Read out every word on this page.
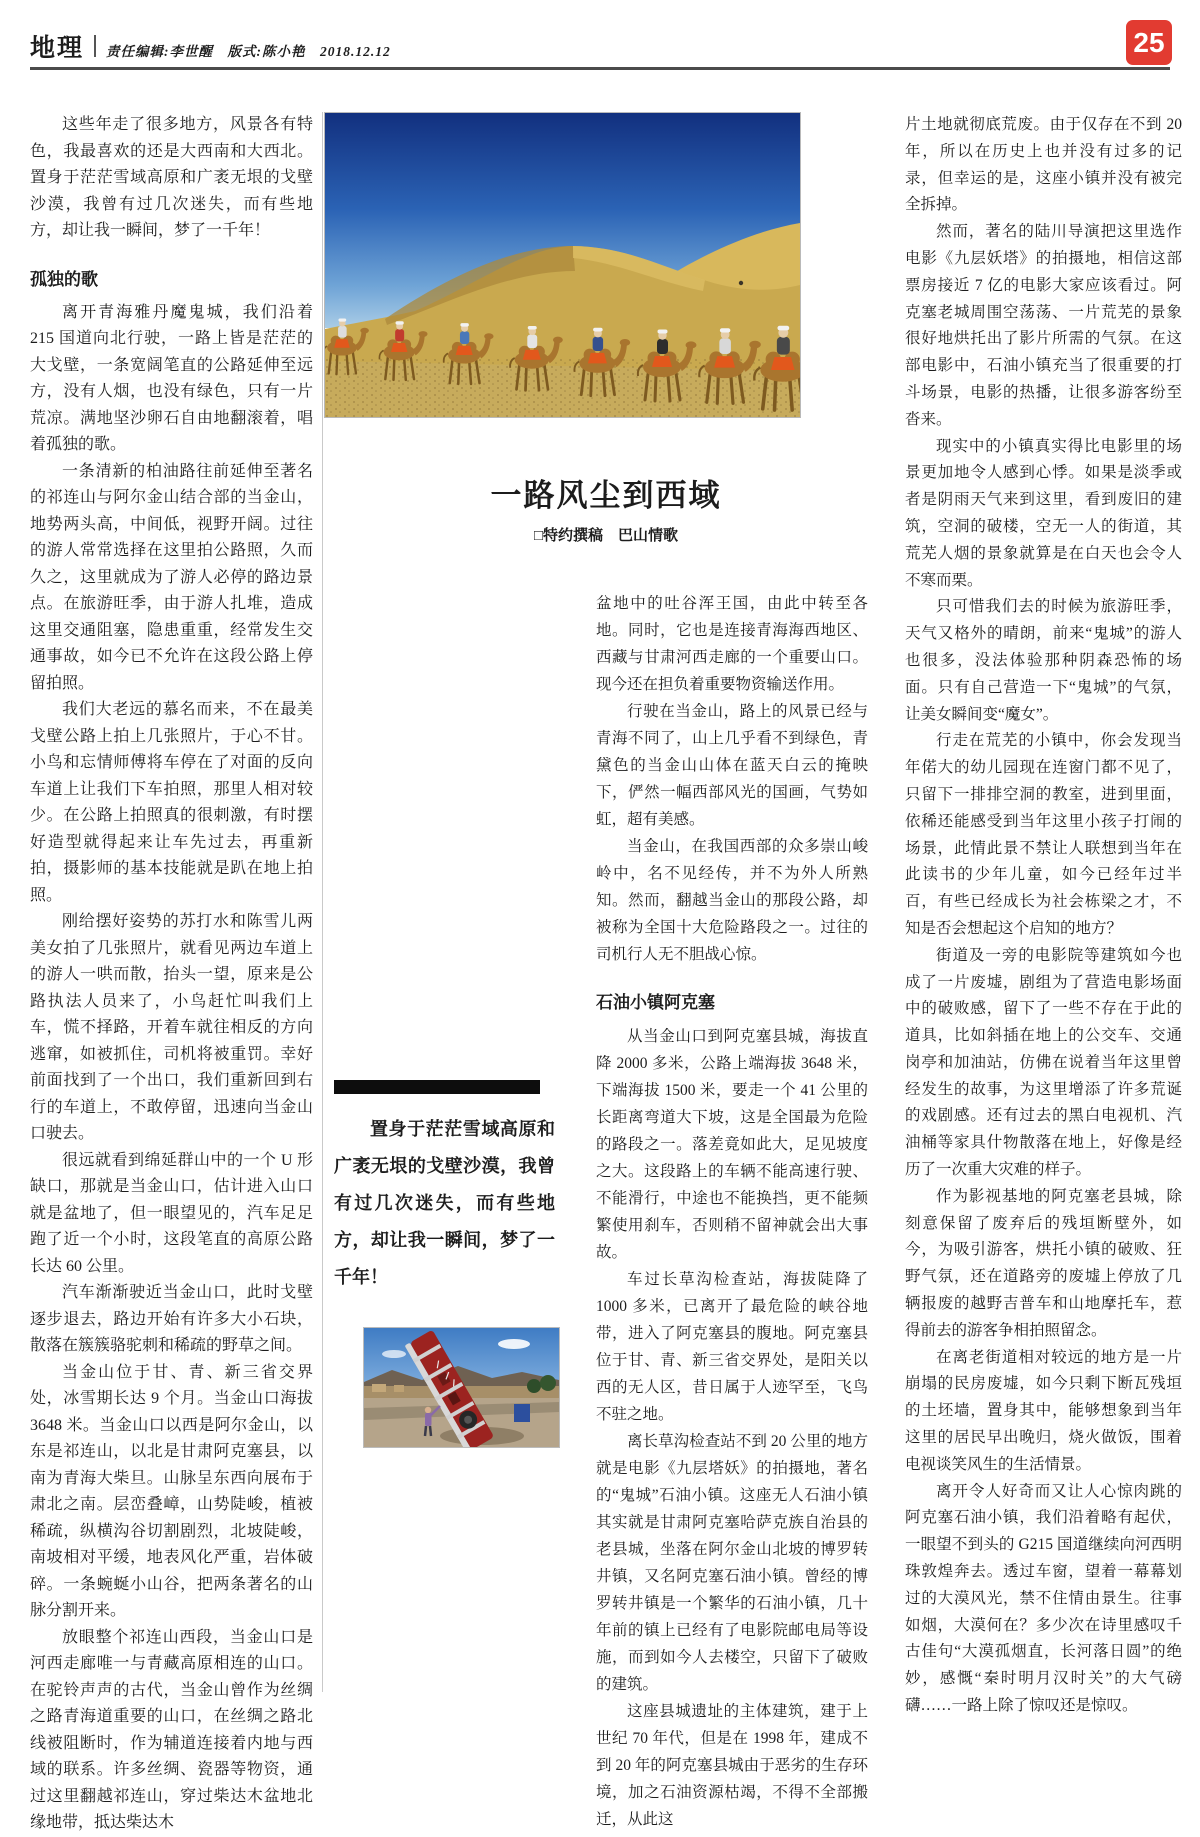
地理 责任编辑:李世醒　版式:陈小艳　2018.12.12	25
一路风尘到西域
□特约撰稿　巴山情歌

这些年走了很多地方，风景各有特色，我最喜欢的还是大西南和大西北。置身于茫茫雪域高原和广袤无垠的戈壁沙漠，我曾有过几次迷失，而有些地方，却让我一瞬间，梦了一千年！

孤独的歌

离开青海雅丹魔鬼城，我们沿着 215 国道向北行驶，一路上皆是茫茫的大戈壁，一条宽阔笔直的公路延伸至远方，没有人烟，也没有绿色，只有一片荒凉。满地坚沙卵石自由地翻滚着，唱着孤独的歌。

一条清新的柏油路往前延伸至著名的祁连山与阿尔金山结合部的当金山，地势两头高，中间低，视野开阔。过往的游人常常选择在这里拍公路照，久而久之，这里就成为了游人必停的路边景点。在旅游旺季，由于游人扎堆，造成这里交通阻塞，隐患重重，经常发生交通事故，如今已不允许在这段公路上停留拍照。

我们大老远的慕名而来，不在最美戈壁公路上拍上几张照片，于心不甘。小鸟和忘情师傅将车停在了对面的反向车道上让我们下车拍照，那里人相对较少。在公路上拍照真的很刺激，有时摆好造型就得起来让车先过去，再重新拍，摄影师的基本技能就是趴在地上拍照。

刚给摆好姿势的苏打水和陈雪儿两美女拍了几张照片，就看见两边车道上的游人一哄而散，抬头一望，原来是公路执法人员来了，小鸟赶忙叫我们上车，慌不择路，开着车就往相反的方向逃窜，如被抓住，司机将被重罚。幸好前面找到了一个出口，我们重新回到右行的车道上，不敢停留，迅速向当金山口驶去。

很远就看到绵延群山中的一个 U 形缺口，那就是当金山口，估计进入山口就是盆地了，但一眼望见的，汽车足足跑了近一个小时，这段笔直的高原公路长达 60 公里。

汽车渐渐驶近当金山口，此时戈壁逐步退去，路边开始有许多大小石块，散落在簇簇骆驼刺和稀疏的野草之间。

当金山位于甘、青、新三省交界处，冰雪期长达 9 个月。当金山口海拔 3648 米。当金山口以西是阿尔金山，以东是祁连山，以北是甘肃阿克塞县，以南为青海大柴旦。山脉呈东西向展布于肃北之南。层峦叠嶂，山势陡峻，植被稀疏，纵横沟谷切割剧烈，北坡陡峻，南坡相对平缓，地表风化严重，岩体破碎。一条蜿蜒小山谷，把两条著名的山脉分割开来。

放眼整个祁连山西段，当金山口是河西走廊唯一与青藏高原相连的山口。在驼铃声声的古代，当金山曾作为丝绸之路青海道重要的山口，在丝绸之路北线被阻断时，作为辅道连接着内地与西域的联系。许多丝绸、瓷器等物资，通过这里翻越祁连山，穿过柴达木盆地北缘地带，抵达柴达木

盆地中的吐谷浑王国，由此中转至各地。同时，它也是连接青海海西地区、西藏与甘肃河西走廊的一个重要山口。现今还在担负着重要物资输送作用。

行驶在当金山，路上的风景已经与青海不同了，山上几乎看不到绿色，青黛色的当金山山体在蓝天白云的掩映下，俨然一幅西部风光的国画，气势如虹，超有美感。

当金山，在我国西部的众多崇山峻岭中，名不见经传，并不为外人所熟知。然而，翻越当金山的那段公路，却被称为全国十大危险路段之一。过往的司机行人无不胆战心惊。

石油小镇阿克塞

从当金山口到阿克塞县城，海拔直降 2000 多米，公路上端海拔 3648 米，下端海拔 1500 米，要走一个 41 公里的长距离弯道大下坡，这是全国最为危险的路段之一。落差竟如此大，足见坡度之大。这段路上的车辆不能高速行驶、不能滑行，中途也不能换挡，更不能频繁使用刹车，否则稍不留神就会出大事故。

车过长草沟检查站，海拔陡降了 1000 多米，已离开了最危险的峡谷地带，进入了阿克塞县的腹地。阿克塞县位于甘、青、新三省交界处，是阳关以西的无人区，昔日属于人迹罕至，飞鸟不驻之地。

离长草沟检查站不到 20 公里的地方就是电影《九层塔妖》的拍摄地，著名的“鬼城”石油小镇。这座无人石油小镇其实就是甘肃阿克塞哈萨克族自治县的老县城，坐落在阿尔金山北坡的博罗转井镇，又名阿克塞石油小镇。曾经的博罗转井镇是一个繁华的石油小镇，几十年前的镇上已经有了电影院邮电局等设施，而到如今人去楼空，只留下了破败的建筑。

这座县城遗址的主体建筑，建于上世纪 70 年代，但是在 1998 年，建成不到 20 年的阿克塞县城由于恶劣的生存环境，加之石油资源枯竭，不得不全部搬迁，从此这

置身于茫茫雪域高原和广袤无垠的戈壁沙漠，我曾有过几次迷失，而有些地方，却让我一瞬间，梦了一千年！

片土地就彻底荒废。由于仅存在不到 20 年，所以在历史上也并没有过多的记录，但幸运的是，这座小镇并没有被完全拆掉。

然而，著名的陆川导演把这里选作电影《九层妖塔》的拍摄地，相信这部票房接近 7 亿的电影大家应该看过。阿克塞老城周围空荡荡、一片荒芜的景象很好地烘托出了影片所需的气氛。在这部电影中，石油小镇充当了很重要的打斗场景，电影的热播，让很多游客纷至沓来。

现实中的小镇真实得比电影里的场景更加地令人感到心悸。如果是淡季或者是阴雨天气来到这里，看到废旧的建筑，空洞的破楼，空无一人的街道，其荒芜人烟的景象就算是在白天也会令人不寒而栗。

只可惜我们去的时候为旅游旺季，天气又格外的晴朗，前来“鬼城”的游人也很多，没法体验那种阴森恐怖的场面。只有自己营造一下“鬼城”的气氛，让美女瞬间变“魔女”。

行走在荒芜的小镇中，你会发现当年偌大的幼儿园现在连窗门都不见了，只留下一排排空洞的教室，进到里面，依稀还能感受到当年这里小孩子打闹的场景，此情此景不禁让人联想到当年在此读书的少年儿童，如今已经年过半百，有些已经成长为社会栋梁之才，不知是否会想起这个启知的地方？

街道及一旁的电影院等建筑如今也成了一片废墟，剧组为了营造电影场面中的破败感，留下了一些不存在于此的道具，比如斜插在地上的公交车、交通岗亭和加油站，仿佛在说着当年这里曾经发生的故事，为这里增添了许多荒诞的戏剧感。还有过去的黑白电视机、汽油桶等家具什物散落在地上，好像是经历了一次重大灾难的样子。

作为影视基地的阿克塞老县城，除刻意保留了废弃后的残垣断壁外，如今，为吸引游客，烘托小镇的破败、狂野气氛，还在道路旁的废墟上停放了几辆报废的越野吉普车和山地摩托车，惹得前去的游客争相拍照留念。

在离老街道相对较远的地方是一片崩塌的民房废墟，如今只剩下断瓦残垣的土坯墙，置身其中，能够想象到当年这里的居民早出晚归，烧火做饭，围着电视谈笑风生的生活情景。

离开令人好奇而又让人心惊肉跳的阿克塞石油小镇，我们沿着略有起伏，一眼望不到头的 G215 国道继续向河西明珠敦煌奔去。透过车窗，望着一幕幕划过的大漠风光，禁不住情由景生。往事如烟，大漠何在？多少次在诗里感叹千古佳句“大漠孤烟直，长河落日圆”的绝妙，感慨“秦时明月汉时关”的大气磅礴……一路上除了惊叹还是惊叹。
